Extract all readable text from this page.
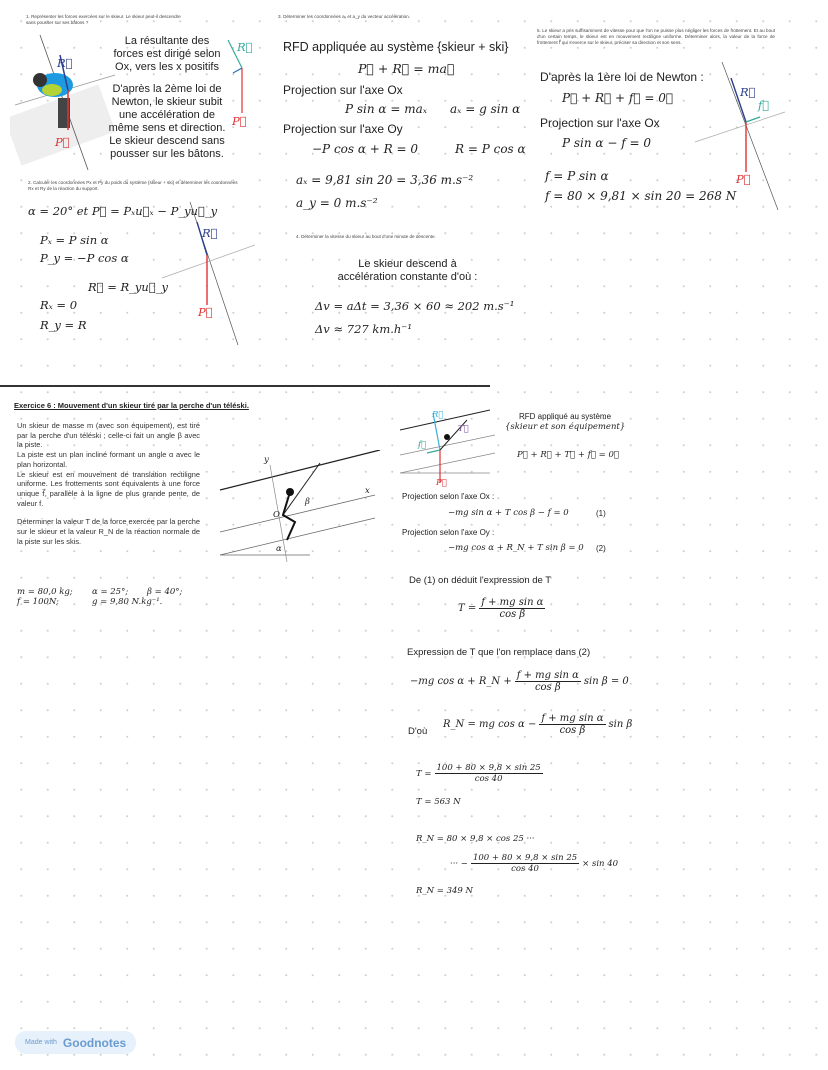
1. Représenter les forces exercées sur le skieur. Le skieur peut-il descendre sans pousser sur ses bâtons ?
R⃗
P⃗
La résultante des
forces est dirigé selon
Ox, vers les x positifs
D'après la 2ème loi de
Newton, le skieur subit
une accélération de
même sens et direction.
Le skieur descend sans
pousser sur les bâtons.
R⃗
P⃗
2. Calculer les coordonnées Px et Py du poids du système {skieur + ski} et déterminer les coordonnées Rx et Ry de la réaction du support.
α = 20° et P⃗ = Pₓu⃗ₓ − P_yu⃗_y
Pₓ = P sin α
P_y = −P cos α
R⃗ = R_yu⃗_y
Rₓ = 0
R_y = R
R⃗
P⃗
3. Déterminer les coordonnées aₓ et a_y du vecteur accélération.
RFD appliquée au système {skieur + ski}
P⃗ + R⃗ = ma⃗
Projection sur l'axe Ox
P sin α = maₓ aₓ = g sin α
Projection sur l'axe Oy
−P cos α + R = 0	R = P cos α
aₓ = 9,81 sin 20 = 3,36 m.s⁻²
a_y = 0 m.s⁻²
4. Déterminer la vitesse du skieur au bout d'une minute de descente.
Le skieur descend à
accélération constante d'où :
Δv = aΔt = 3,36 × 60 ≈ 202 m.s⁻¹
Δv ≈ 727 km.h⁻¹
5. Le skieur a pris suffisamment de vitesse pour que l'on ne puisse plus négliger les forces de frottement. Et au bout d'un certain temps, le skieur est en mouvement rectiligne uniforme. Déterminer alors, la valeur de la force de frottement f⃗ qui s'exerce sur le skieur, préciser sa direction et son sens.
D'après la 1ère loi de Newton :
P⃗ + R⃗ + f⃗ = 0⃗
Projection sur l'axe Ox
P sin α − f = 0
f = P sin α
f = 80 × 9,81 × sin 20 = 268 N
R⃗
f⃗
P⃗
Exercice 6 : Mouvement d'un skieur tiré par la perche d'un téléski.
Un skieur de masse m (avec son équipement), est tiré par la perche d'un téléski ; celle-ci fait un angle β avec la piste.
La piste est un plan incliné formant un angle α avec le plan horizontal.
Le skieur est en mouvement de translation rectiligne uniforme. Les frottements sont équivalents à une force unique f⃗, parallèle à la ligne de plus grande pente, de valeur f.
Déterminer la valeur T de la force exercée par la perche sur le skieur et la valeur R_N de la réaction normale de la piste sur les skis.
m = 80,0 kg; α = 25°; β = 40°;
f = 100N;	g = 9,80 N.kg⁻¹.
y
x
O
β
α
R⃗
T⃗
f⃗
P⃗
RFD appliqué au système
{skieur et son équipement}
P⃗ + R⃗ + T⃗ + f⃗ = 0⃗
Projection selon l'axe Ox :
−mg sin α + T cos β − f = 0	(1)
Projection selon l'axe Oy :
−mg cos α + R_N + T sin β = 0 (2)
De (1) on déduit l'expression de T
$T = \frac{\text{f + mg sin α}}{\text{cos β}}$
Expression de T que l'on remplace dans (2)
−mg cos α + R_N + $\frac{\text{f + mg sin α}}{\text{cos β}}$ sin β = 0
D'où
R_N = mg $\cos \alpha - \frac{\text{f + mg sin α}}{\text{cos β}}$ sin β
$T = \frac{100 + 80 \times 9,8 \times \sin 25}{\cos 40}$
T = 563 N
R_N = 80 × 9,8 × cos 25 ···
··· − $\frac{100 + 80 \times 9,8 \times \sin 25}{\cos 40} \times \sin 40$
R_N = 349 N
Made with Goodnotes
